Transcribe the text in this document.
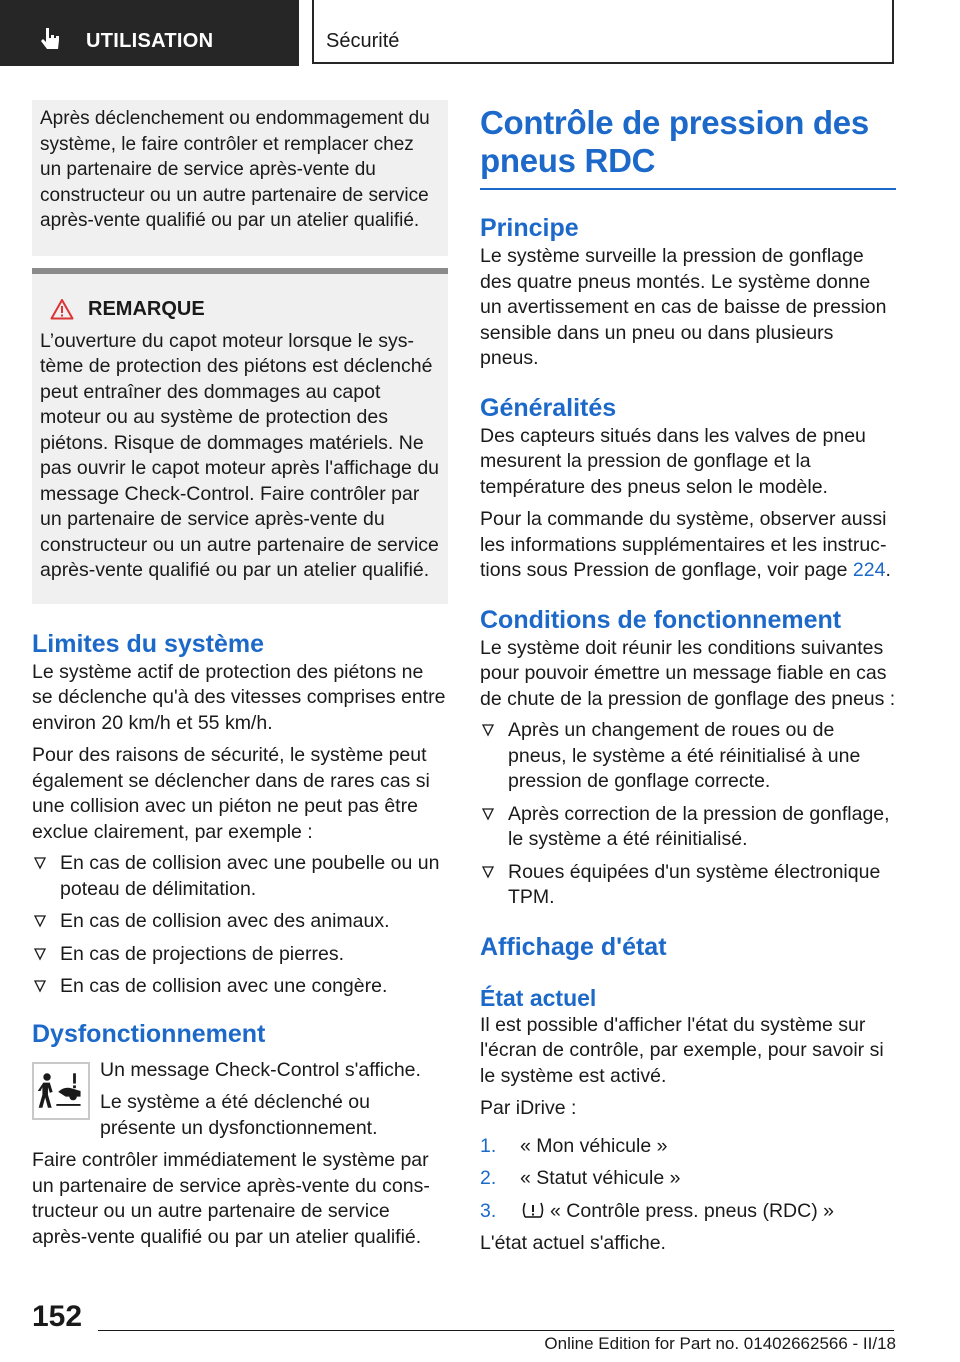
UTILISATION	Sécurité

Après déclenchement ou endommagement du système, le faire contrôler et remplacer chez un partenaire de service après-vente du constructeur ou un autre partenaire de service après-vente qualifié ou par un atelier qualifié.

REMARQUE

L’ouverture du capot moteur lorsque le système de protection des piétons est déclenché peut entraîner des dommages au capot moteur ou au système de protection des piétons. Risque de dommages matériels. Ne pas ouvrir le capot moteur après l'affichage du message Check-Control. Faire contrôler par un partenaire de service après-vente du constructeur ou un autre partenaire de service après-vente qualifié ou par un atelier qualifié.

Limites du système

Le système actif de protection des piétons ne se déclenche qu'à des vitesses comprises entre environ 20 km/h et 55 km/h.

Pour des raisons de sécurité, le système peut également se déclencher dans de rares cas si une collision avec un piéton ne peut pas être exclue clairement, par exemple :

En cas de collision avec une poubelle ou un poteau de délimitation.
En cas de collision avec des animaux.
En cas de projections de pierres.
En cas de collision avec une congère.
Dysfonctionnement

Un message Check-Control s'affiche.

Le système a été déclenché ou présente un dysfonctionnement.

Faire contrôler immédiatement le système par un partenaire de service après-vente du constructeur ou un autre partenaire de service après-vente qualifié ou par un atelier qualifié.

Contrôle de pression des pneus RDC
Principe

Le système surveille la pression de gonflage des quatre pneus montés. Le système donne un avertissement en cas de baisse de pression sensible dans un pneu ou dans plusieurs pneus.

Généralités

Des capteurs situés dans les valves de pneu mesurent la pression de gonflage et la température des pneus selon le modèle.

Pour la commande du système, observer aussi les informations supplémentaires et les instructions sous Pression de gonflage, voir page 224.

Conditions de fonctionnement

Le système doit réunir les conditions suivantes pour pouvoir émettre un message fiable en cas de chute de la pression de gonflage des pneus :

Après un changement de roues ou de pneus, le système a été réinitialisé à une pression de gonflage correcte.
Après correction de la pression de gonflage, le système a été réinitialisé.
Roues équipées d'un système électronique TPM.
Affichage d'état
État actuel

Il est possible d'afficher l'état du système sur l'écran de contrôle, par exemple, pour savoir si le système est activé.

Par iDrive :

1. « Mon véhicule »
2. « Statut véhicule »
3.	« Contrôle press. pneus (RDC) »

L'état actuel s'affiche.

152
Online Edition for Part no. 01402662566 - II/18
